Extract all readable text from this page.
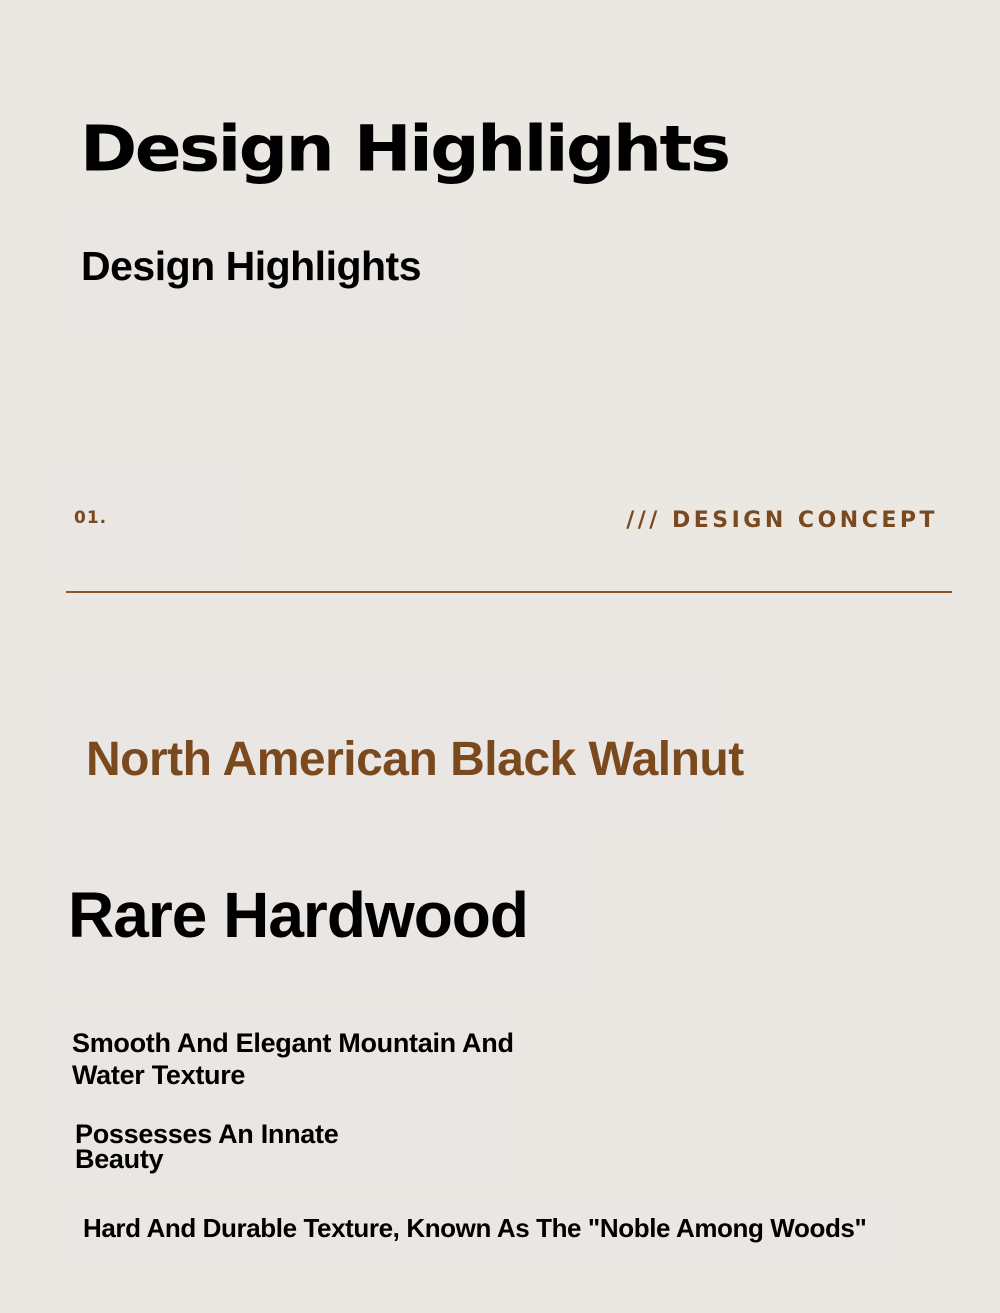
Design Highlights
Design Highlights
01.	/// DESIGN CONCEPT
North American Black Walnut
Rare Hardwood
Smooth And Elegant Mountain And Water Texture
Possesses An Innate Beauty
Hard And Durable Texture, Known As The "Noble Among Woods"
